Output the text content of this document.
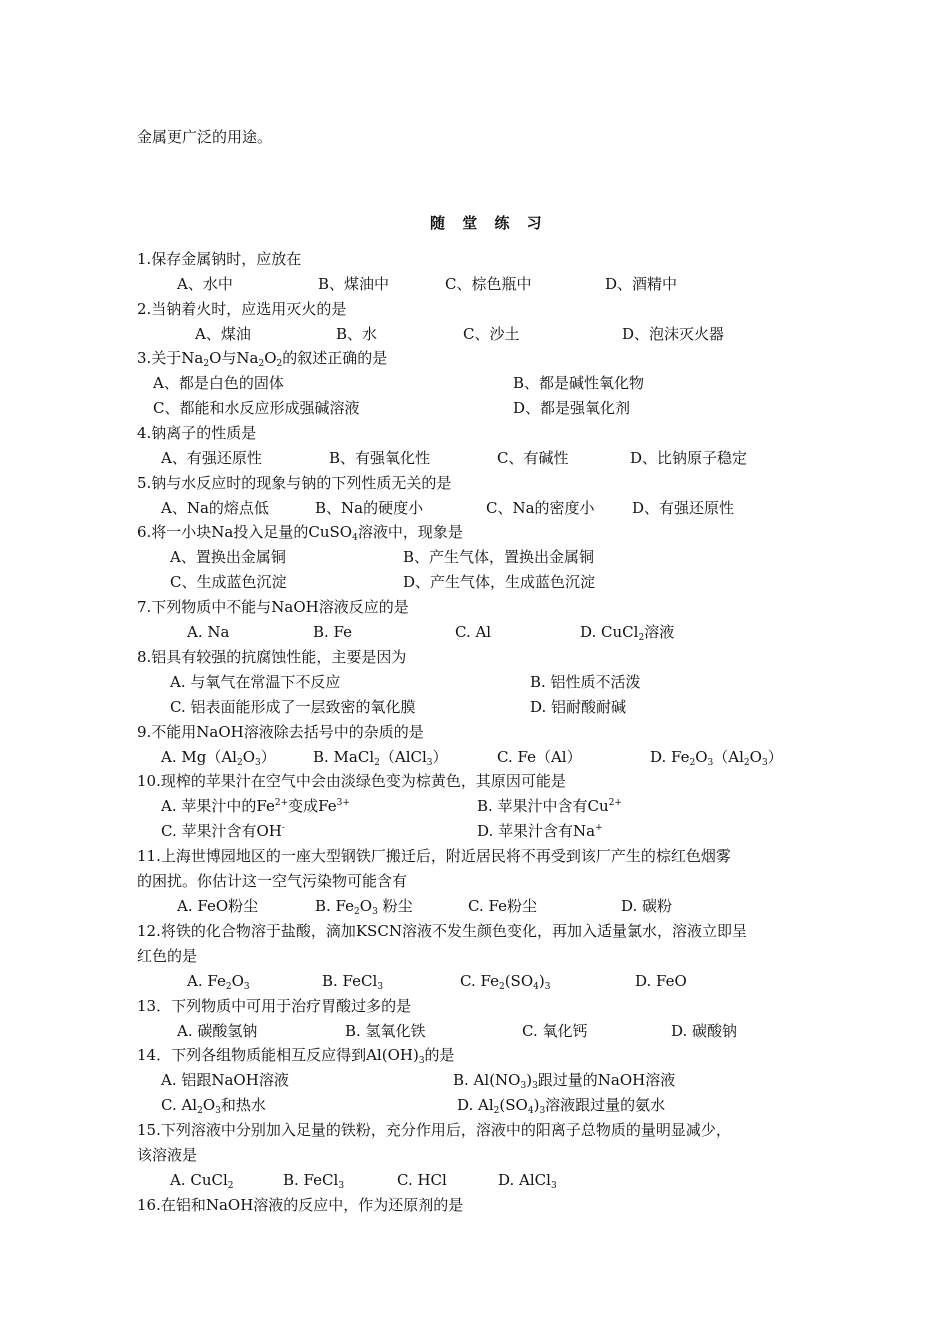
金属更广泛的用途。
随 堂 练 习
1.保存金属钠时，应放在
A、水中	B、煤油中	C、棕色瓶中	D、酒精中
2.当钠着火时，应选用灭火的是
A、煤油	B、水	C、沙土	D、泡沫灭火器
3.关于$Na_2O$与$Na_2O_2$的叙述正确的是
A、都是白色的固体	B、都是碱性氧化物
C、都能和水反应形成强碱溶液	D、都是强氧化剂
4.钠离子的性质是
A、有强还原性	B、有强氧化性	C、有碱性	D、比钠原子稳定
5.钠与水反应时的现象与钠的下列性质无关的是
A、Na的熔点低	B、Na的硬度小	C、Na的密度小 D、有强还原性
6.将一小块Na投入足量的CuSO$_4$溶液中，现象是
A、置换出金属铜	B、产生气体，置换出金属铜
C、生成蓝色沉淀	D、产生气体，生成蓝色沉淀
7.下列物质中不能与NaOH溶液反应的是
A. Na	B. Fe	C. Al	D. CuCl$_2$溶液
8.铝具有较强的抗腐蚀性能，主要是因为
A. 与氧气在常温下不反应	B. 铝性质不活泼
C. 铝表面能形成了一层致密的氧化膜	D. 铝耐酸耐碱
9.不能用NaOH溶液除去括号中的杂质的是
A. $Mg(Al_2O_3)$ B. MaCl$_2$（AlCl$_3$）	C. Fe（Al）	D. $Fe_2O_3(Al_2O_3)$
10.现榨的苹果汁在空气中会由淡绿色变为棕黄色，其原因可能是
A. 苹果汁中的$Fe^{2+}$变成$Fe^{3+}$	B. 苹果汁中含有$Cu^{2+}$
C. 苹果汁含有OH-	D. 苹果汁含有Na+
11.上海世博园地区的一座大型钢铁厂搬迁后，附近居民将不再受到该厂产生的棕红色烟雾
的困扰。你估计这一空气污染物可能含有
A. FeO粉尘	B. $Fe_2O_3$ 粉尘	C. Fe粉尘	D. 碳粉
12.将铁的化合物溶于盐酸，滴加KSCN溶液不发生颜色变化，再加入适量氯水，溶液立即呈
红色的是
A. $Fe_2O_3$	B. FeCl$_3$	C. $Fe_2(SO_4)_3$	D. FeO
13．下列物质中可用于治疗胃酸过多的是
A. 碳酸氢钠	B. 氢氧化铁	C. 氧化钙	D. 碳酸钠
14．下列各组物质能相互反应得到$Al(OH)_3$的是
A. 铝跟NaOH溶液	B. $Al(NO_3)_3$跟过量的NaOH溶液
C. $Al_2O_3$和热水	D. $Al_2(SO_4)_3$溶液跟过量的氨水
15.下列溶液中分别加入足量的铁粉，充分作用后，溶液中的阳离子总物质的量明显减少，
该溶液是
A. CuCl$_2$	B. FeCl$_3$	C. HCl	D. AlCl$_3$
16.在铝和NaOH溶液的反应中，作为还原剂的是
